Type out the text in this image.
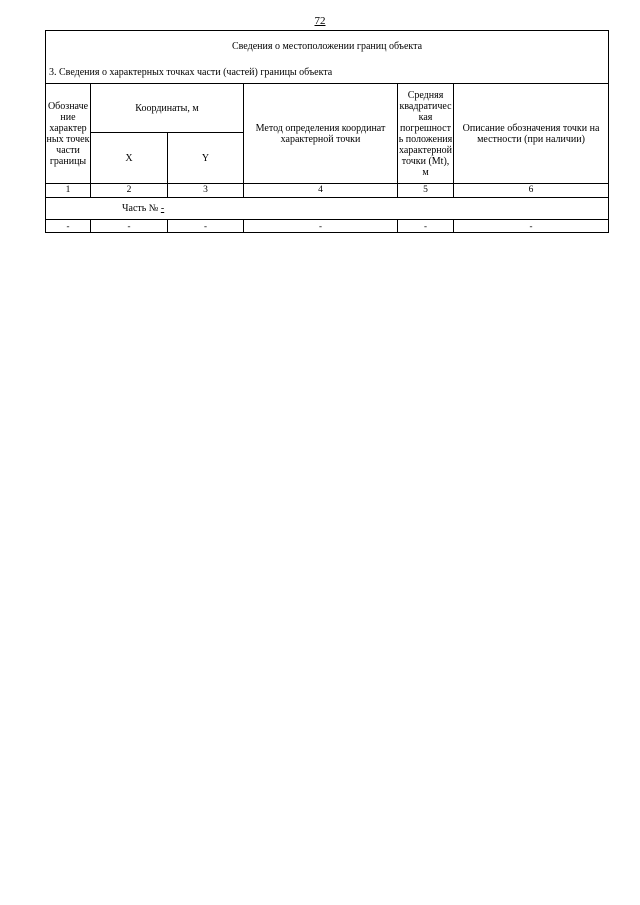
72
Сведения о местоположении границ объекта					
3. Сведения о характерных точках части (частей) границы объекта					
Обозначе ние характер ных точек части границы	Координаты, м		Метод определения координат характерной точки	Средняя квадратичес кая погрешност ь положения характерной точки (Mt), м	Описание обозначения точки на местности (при наличии)
	X	Y			
1	2	3	4	5	6
Часть № -					
-	-	-	-	-	-
